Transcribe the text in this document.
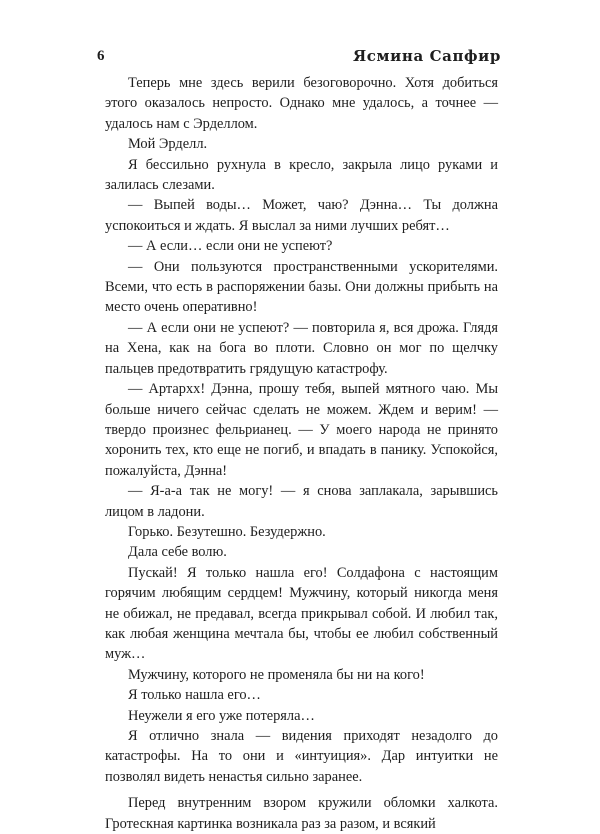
6	Ясмина Сапфир

Теперь мне здесь верили безоговорочно. Хотя добиться этого оказалось непросто. Однако мне удалось, а точнее — удалось нам с Эрделлом.

Мой Эрделл.

Я бессильно рухнула в кресло, закрыла лицо руками и залилась слезами.

— Выпей воды… Может, чаю? Дэнна… Ты должна успокоиться и ждать. Я выслал за ними лучших ребят…

— А если… если они не успеют?

— Они пользуются пространственными ускорителями. Всеми, что есть в распоряжении базы. Они должны прибыть на место очень оперативно!

— А если они не успеют? — повторила я, вся дрожа. Глядя на Хена, как на бога во плоти. Словно он мог по щелчку пальцев предотвратить грядущую катастрофу.

— Артархх! Дэнна, прошу тебя, выпей мятного чаю. Мы больше ничего сейчас сделать не можем. Ждем и верим! — твердо произнес фельрианец. — У моего народа не принято хоронить тех, кто еще не погиб, и впадать в панику. Успокойся, пожалуйста, Дэнна!

— Я-а-а так не могу! — я снова заплакала, зарывшись лицом в ладони.

Горько. Безутешно. Безудержно.

Дала себе волю.

Пускай! Я только нашла его! Солдафона с настоящим горячим любящим сердцем! Мужчину, который никогда меня не обижал, не предавал, всегда прикрывал собой. И любил так, как любая женщина мечтала бы, чтобы ее любил собственный муж…

Мужчину, которого не променяла бы ни на кого!

Я только нашла его…

Неужели я его уже потеряла…

Я отлично знала — видения приходят незадолго до катастрофы. На то они и «интуиция». Дар интуитки не позволял видеть ненастья сильно заранее.

Перед внутренним взором кружили обломки халкота. Гротескная картинка возникала раз за разом, и всякий
